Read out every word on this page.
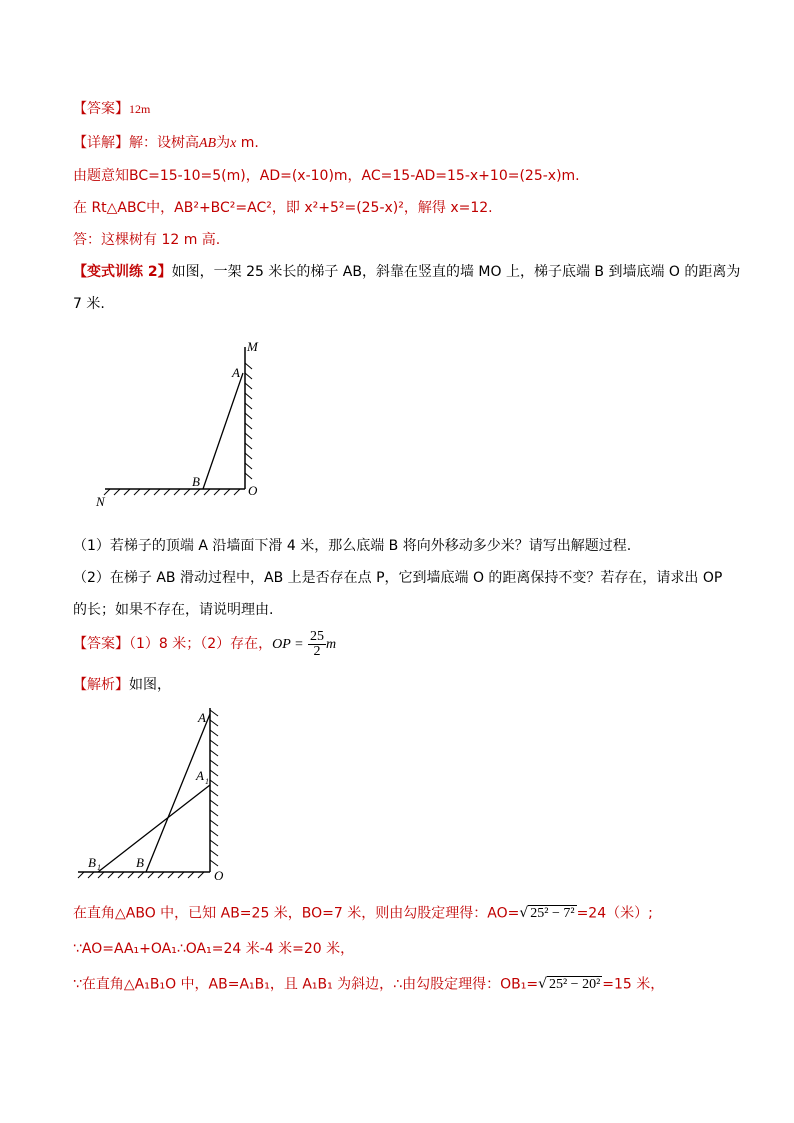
【答案】12m
【详解】解：设树高AB为x m.
由题意知BC=15-10=5(m)，AD=(x-10)m，AC=15-AD=15-x+10=(25-x)m.
在 Rt△ABC中，AB²+BC²=AC²，即 x²+5²=(25-x)²，解得 x=12.
答：这棵树有 12 m 高.
【变式训练 2】如图，一架 25 米长的梯子 AB，斜靠在竖直的墙 MO 上，梯子底端 B 到墙底端 O 的距离为
7 米.
M
A
B
O
N
（1）若梯子的顶端 A 沿墙面下滑 4 米，那么底端 B 将向外移动多少米？请写出解题过程.
（2）在梯子 AB 滑动过程中，AB 上是否存在点 P，它到墙底端 O 的距离保持不变？若存在，请求出 OP
的长；如果不存在，请说明理由.
【答案】（1）8 米；（2）存在，OP = $\frac{25}{2}$ m
【解析】如图，
A
A 1
B 1	B
O
在直角△ABO 中，已知 AB=25 米，BO=7 米，则由勾股定理得：AO=√ 25² − 7² =24（米）;
∵AO=AA₁+OA₁∴OA₁=24 米-4 米=20 米，
∵在直角△A₁B₁O 中，AB=A₁B₁，且 A₁B₁ 为斜边，∴由勾股定理得：OB₁=√ 25² − 20² =15 米，
